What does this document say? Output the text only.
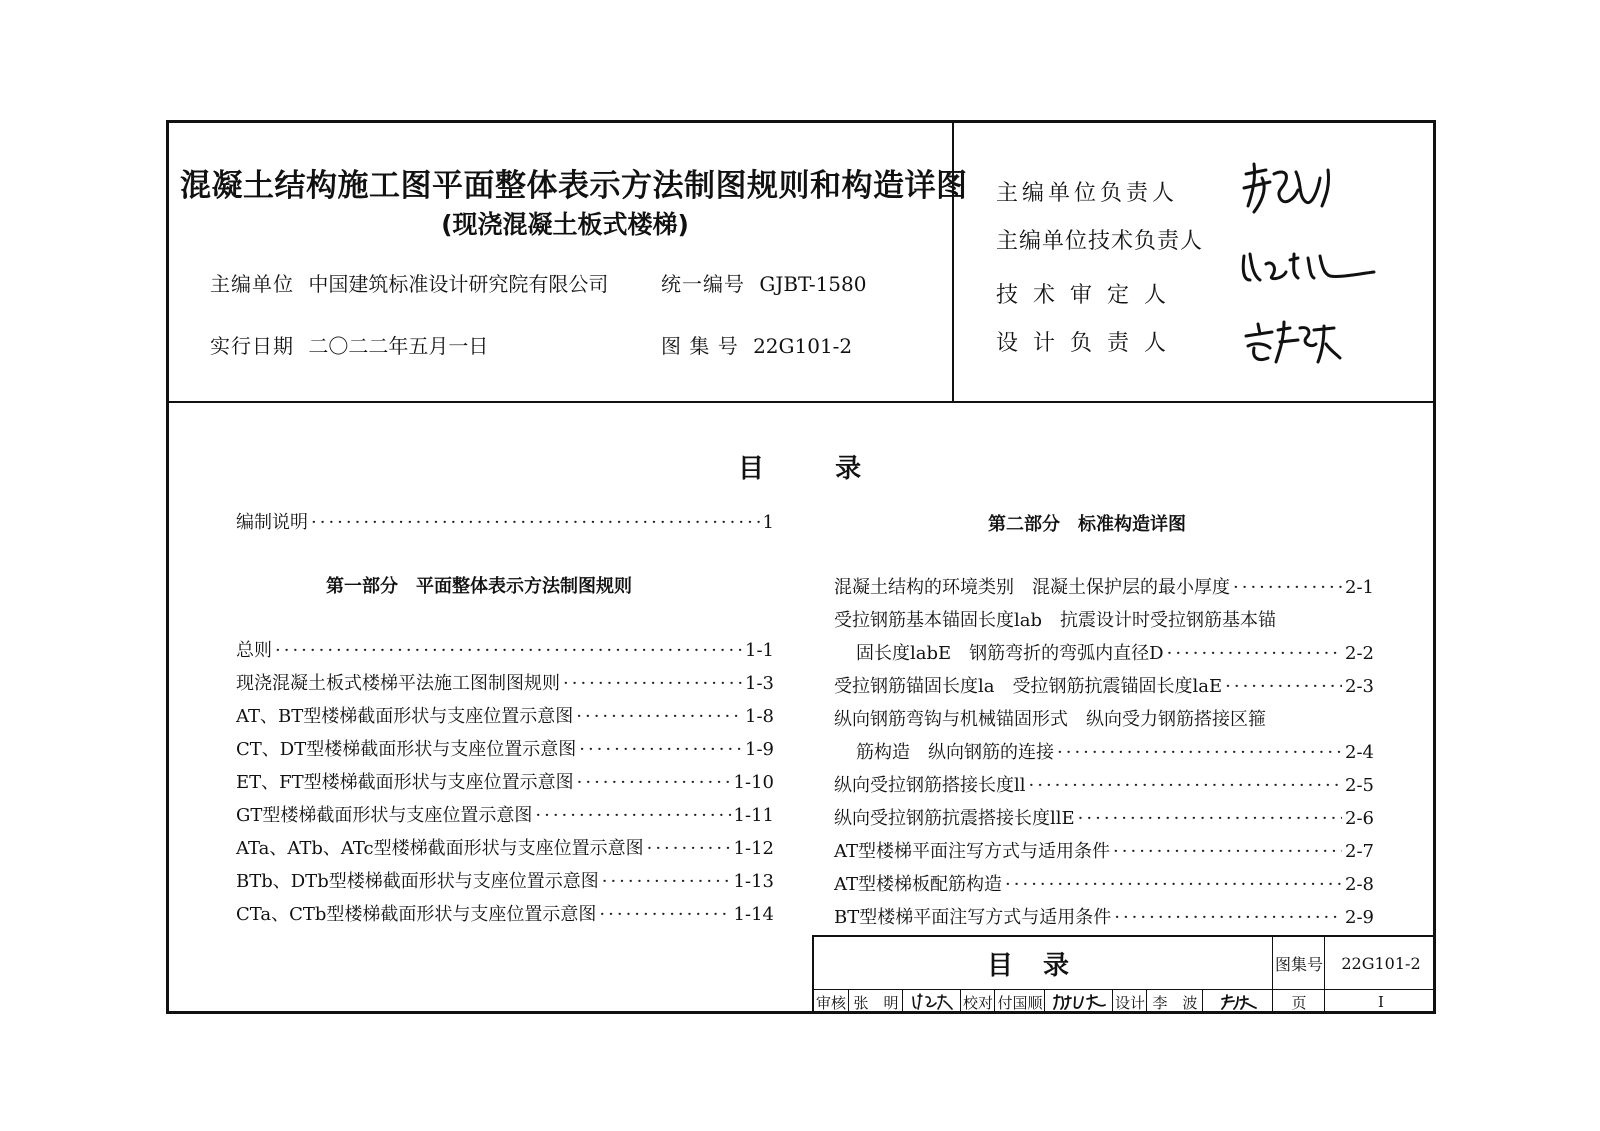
混凝土结构施工图平面整体表示方法制图规则和构造详图
(现浇混凝土板式楼梯)
主编单位 中国建筑标准设计研究院有限公司	统一编号 GJBT-1580
实行日期 二〇二二年五月一日	图 集 号 22G101-2
主编单位负责人
主编单位技术负责人
技 术 审 定 人
设 计 负 责 人
目	录
编制说明 ·····	1
第一部分　平面整体表示方法制图规则
总则 ·····	1-1
现浇混凝土板式楼梯平法施工图制图规则 ·····	1-3
AT、BT型楼梯截面形状与支座位置示意图 ·····	1-8
CT、DT型楼梯截面形状与支座位置示意图 ·····	1-9
ET、FT型楼梯截面形状与支座位置示意图 ·····	1-10
GT型楼梯截面形状与支座位置示意图 ·····	1-11
ATa、ATb、ATc型楼梯截面形状与支座位置示意图 ·····	1-12
BTb、DTb型楼梯截面形状与支座位置示意图 ·····	1-13
CTa、CTb型楼梯截面形状与支座位置示意图 ·····	1-14
第二部分　标准构造详图
混凝土结构的环境类别　混凝土保护层的最小厚度 ·····	2-1
受拉钢筋基本锚固长度lab　抗震设计时受拉钢筋基本锚
固长度labE　钢筋弯折的弯弧内直径D ·····	2-2
受拉钢筋锚固长度la　受拉钢筋抗震锚固长度laE ·····	2-3
纵向钢筋弯钩与机械锚固形式　纵向受力钢筋搭接区箍
筋构造　纵向钢筋的连接 ·····	2-4
纵向受拉钢筋搭接长度ll ·····	2-5
纵向受拉钢筋抗震搭接长度llE ·····	2-6
AT型楼梯平面注写方式与适用条件 ·····	2-7
AT型楼梯板配筋构造 ·····	2-8
BT型楼梯平面注写方式与适用条件 ·····	2-9
目录	图集号	22G101-2
审核 张　明	校对 付国顺	设计 李　波	页	I
